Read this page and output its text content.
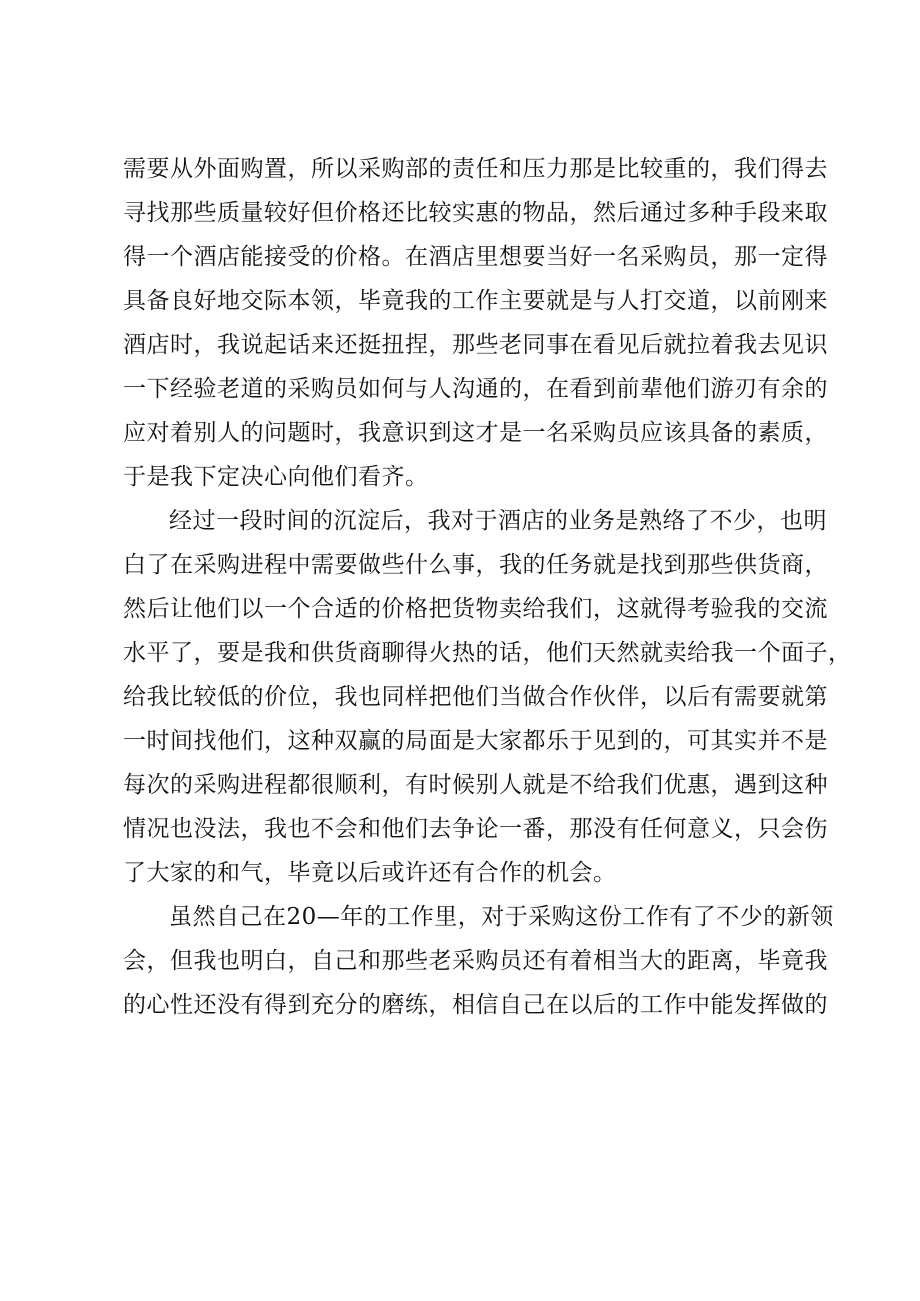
需要从外面购置，所以采购部的责任和压力那是比较重的，我们得去
寻找那些质量较好但价格还比较实惠的物品，然后通过多种手段来取
得一个酒店能接受的价格。在酒店里想要当好一名采购员，那一定得
具备良好地交际本领，毕竟我的工作主要就是与人打交道，以前刚来
酒店时，我说起话来还挺扭捏，那些老同事在看见后就拉着我去见识
一下经验老道的采购员如何与人沟通的，在看到前辈他们游刃有余的
应对着别人的问题时，我意识到这才是一名采购员应该具备的素质，
于是我下定决心向他们看齐。

经过一段时间的沉淀后，我对于酒店的业务是熟络了不少，也明
白了在采购进程中需要做些什么事，我的任务就是找到那些供货商，
然后让他们以一个合适的价格把货物卖给我们，这就得考验我的交流
水平了，要是我和供货商聊得火热的话，他们天然就卖给我一个面子，
给我比较低的价位，我也同样把他们当做合作伙伴，以后有需要就第
一时间找他们，这种双赢的局面是大家都乐于见到的，可其实并不是
每次的采购进程都很顺利，有时候别人就是不给我们优惠，遇到这种
情况也没法，我也不会和他们去争论一番，那没有任何意义，只会伤
了大家的和气，毕竟以后或许还有合作的机会。

虽然自己在20—年的工作里，对于采购这份工作有了不少的新领
会，但我也明白，自己和那些老采购员还有着相当大的距离，毕竟我
的心性还没有得到充分的磨练，相信自己在以后的工作中能发挥做的
